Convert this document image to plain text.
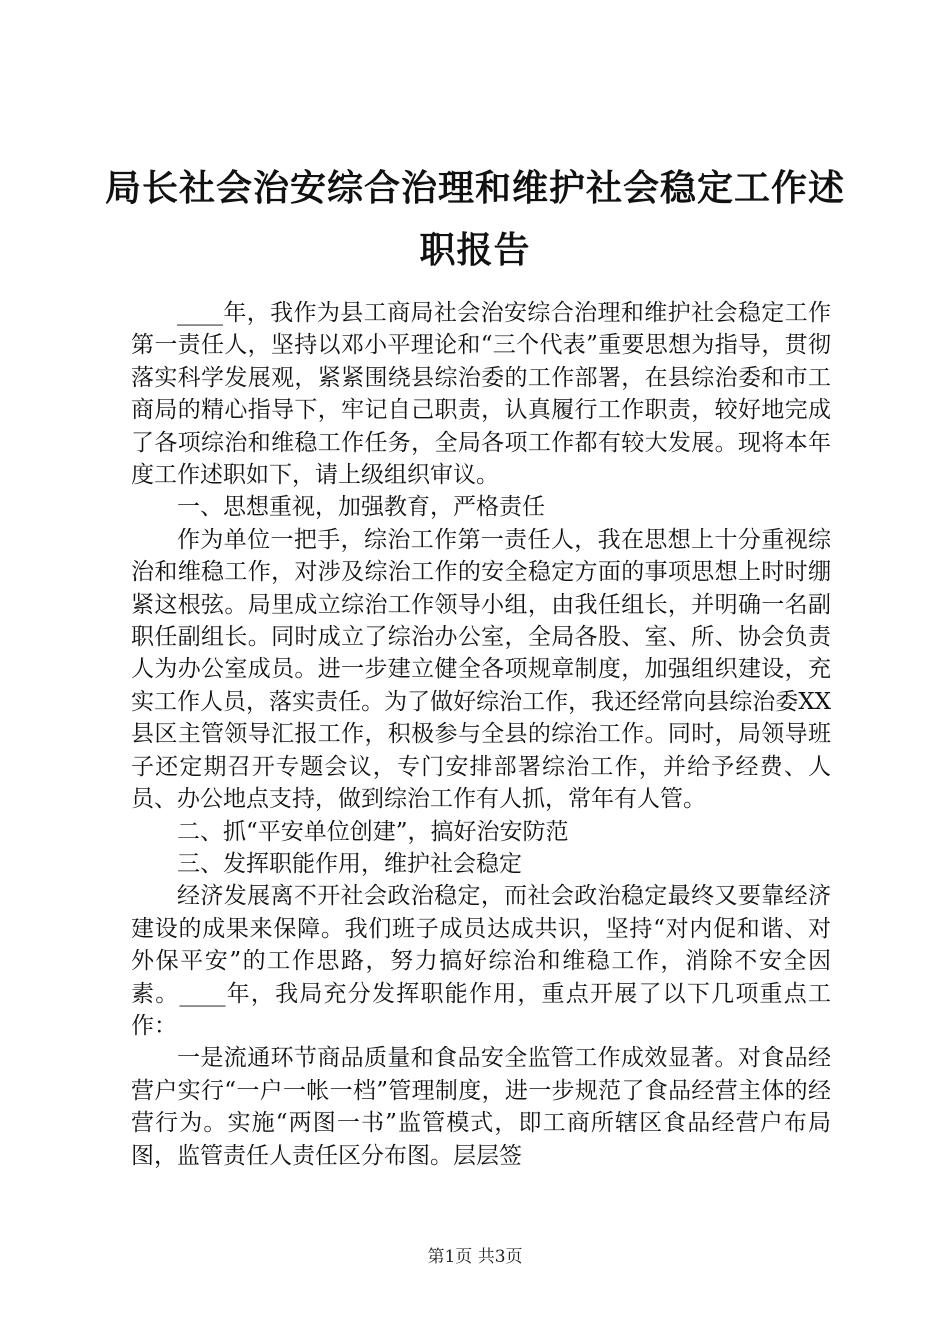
局长社会治安综合治理和维护社会稳定工作述
职报告

____年，我作为县工商局社会治安综合治理和维护社会稳定工作第一责任人，坚持以邓小平理论和“三个代表”重要思想为指导，贯彻落实科学发展观，紧紧围绕县综治委的工作部署，在县综治委和市工商局的精心指导下，牢记自己职责，认真履行工作职责，较好地完成了各项综治和维稳工作任务，全局各项工作都有较大发展。现将本年度工作述职如下，请上级组织审议。

一、思想重视，加强教育，严格责任

作为单位一把手，综治工作第一责任人，我在思想上十分重视综治和维稳工作，对涉及综治工作的安全稳定方面的事项思想上时时绷紧这根弦。局里成立综治工作领导小组，由我任组长，并明确一名副职任副组长。同时成立了综治办公室，全局各股、室、所、协会负责人为办公室成员。进一步建立健全各项规章制度，加强组织建设，充实工作人员，落实责任。为了做好综治工作，我还经常向县综治委XX县区主管领导汇报工作，积极参与全县的综治工作。同时，局领导班子还定期召开专题会议，专门安排部署综治工作，并给予经费、人员、办公地点支持，做到综治工作有人抓，常年有人管。

二、抓“平安单位创建”，搞好治安防范

三、发挥职能作用，维护社会稳定

经济发展离不开社会政治稳定，而社会政治稳定最终又要靠经济建设的成果来保障。我们班子成员达成共识，坚持“对内促和谐、对外保平安”的工作思路，努力搞好综治和维稳工作，消除不安全因素。____年，我局充分发挥职能作用，重点开展了以下几项重点工作：

一是流通环节商品质量和食品安全监管工作成效显著。对食品经营户实行“一户一帐一档”管理制度，进一步规范了食品经营主体的经营行为。实施“两图一书”监管模式，即工商所辖区食品经营户布局图，监管责任人责任区分布图。层层签

第1页 共3页
